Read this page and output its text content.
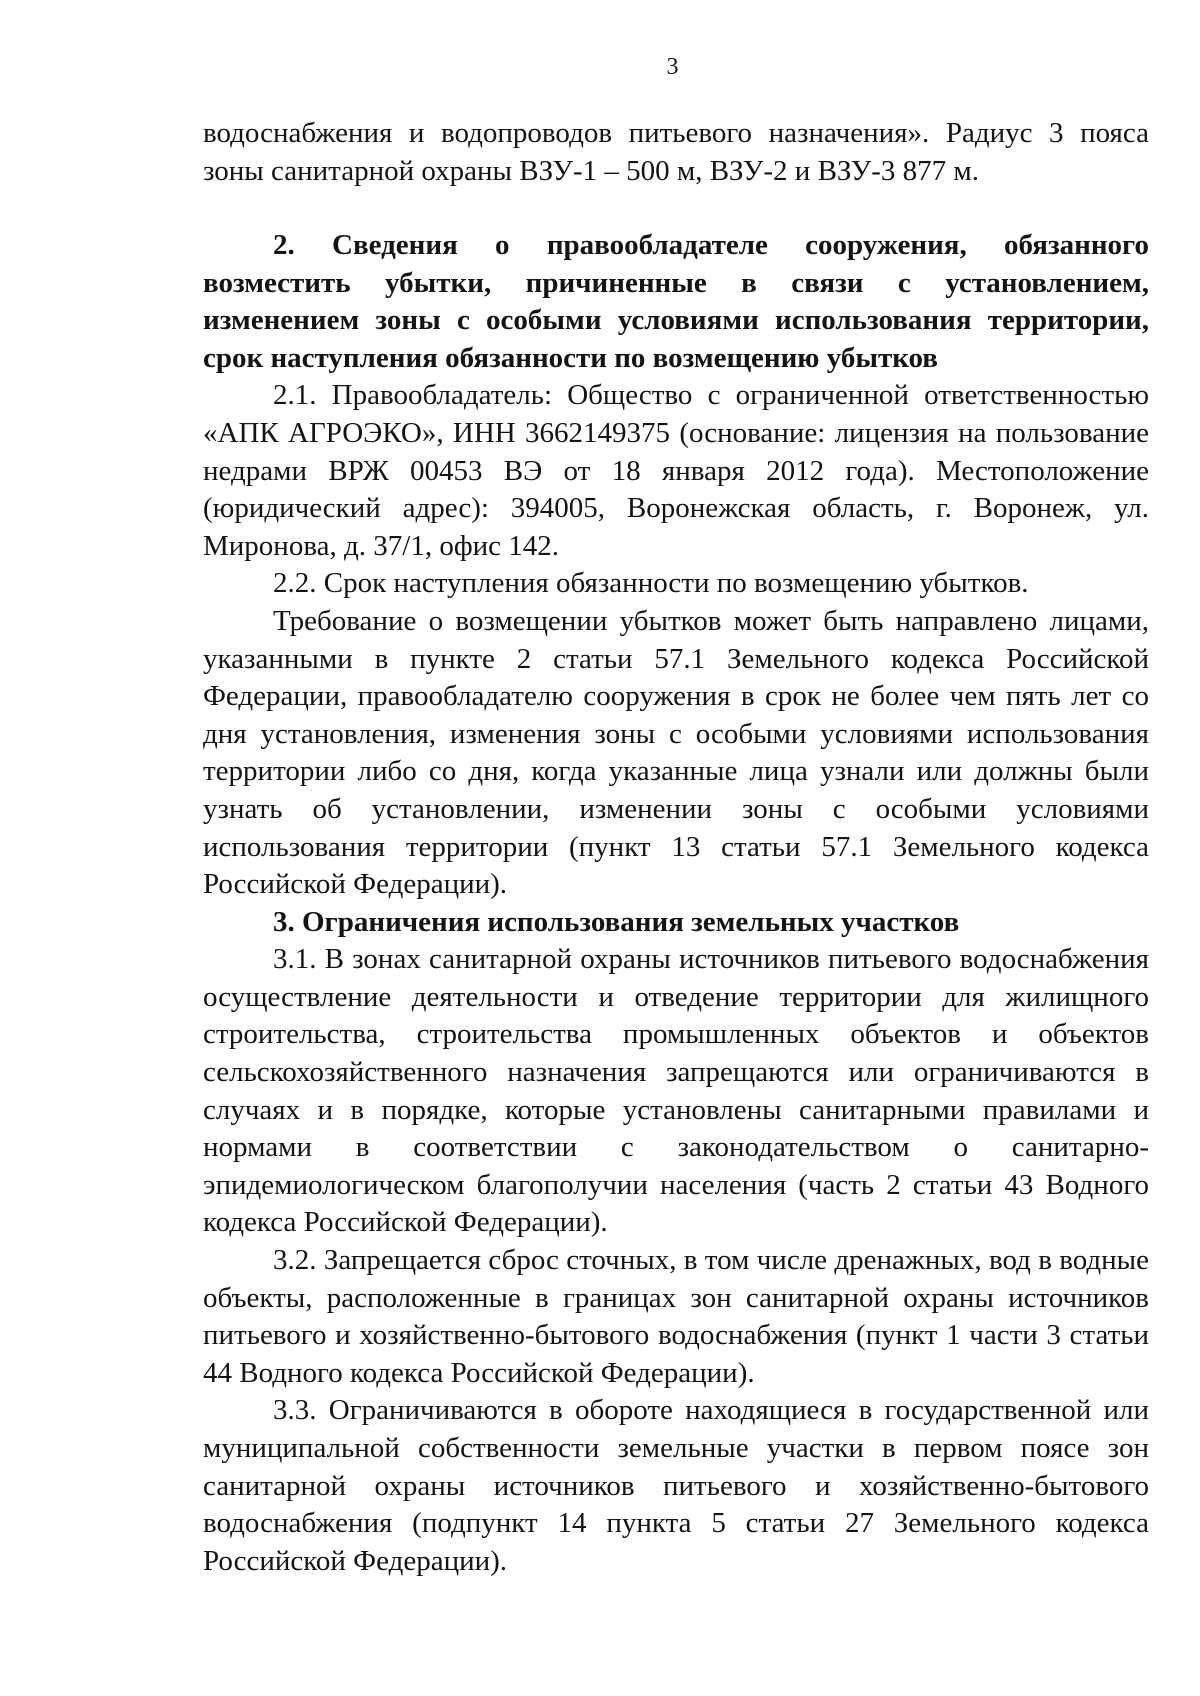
3

водоснабжения и водопроводов питьевого назначения». Радиус 3 пояса зоны санитарной охраны ВЗУ-1 – 500 м, ВЗУ-2 и ВЗУ-3 877 м.

2. Сведения о правообладателе сооружения, обязанного возместить убытки, причиненные в связи с установлением, изменением зоны с особыми условиями использования территории, срок наступления обязанности по возмещению убытков

2.1. Правообладатель: Общество с ограниченной ответственностью «АПК АГРОЭКО», ИНН 3662149375 (основание: лицензия на пользование недрами ВРЖ 00453 ВЭ от 18 января 2012 года). Местоположение (юридический адрес): 394005, Воронежская область, г. Воронеж, ул. Миронова, д. 37/1, офис 142.

2.2. Срок наступления обязанности по возмещению убытков.

Требование о возмещении убытков может быть направлено лицами, указанными в пункте 2 статьи 57.1 Земельного кодекса Российской Федерации, правообладателю сооружения в срок не более чем пять лет со дня установления, изменения зоны с особыми условиями использования территории либо со дня, когда указанные лица узнали или должны были узнать об установлении, изменении зоны с особыми условиями использования территории (пункт 13 статьи 57.1 Земельного кодекса Российской Федерации).

3. Ограничения использования земельных участков

3.1. В зонах санитарной охраны источников питьевого водоснабжения осуществление деятельности и отведение территории для жилищного строительства, строительства промышленных объектов и объектов сельскохозяйственного назначения запрещаются или ограничиваются в случаях и в порядке, которые установлены санитарными правилами и нормами в соответствии с законодательством о санитарно-эпидемиологическом благополучии населения (часть 2 статьи 43 Водного кодекса Российской Федерации).

3.2. Запрещается сброс сточных, в том числе дренажных, вод в водные объекты, расположенные в границах зон санитарной охраны источников питьевого и хозяйственно-бытового водоснабжения (пункт 1 части 3 статьи 44 Водного кодекса Российской Федерации).

3.3. Ограничиваются в обороте находящиеся в государственной или муниципальной собственности земельные участки в первом поясе зон санитарной охраны источников питьевого и хозяйственно-бытового водоснабжения (подпункт 14 пункта 5 статьи 27 Земельного кодекса Российской Федерации).
